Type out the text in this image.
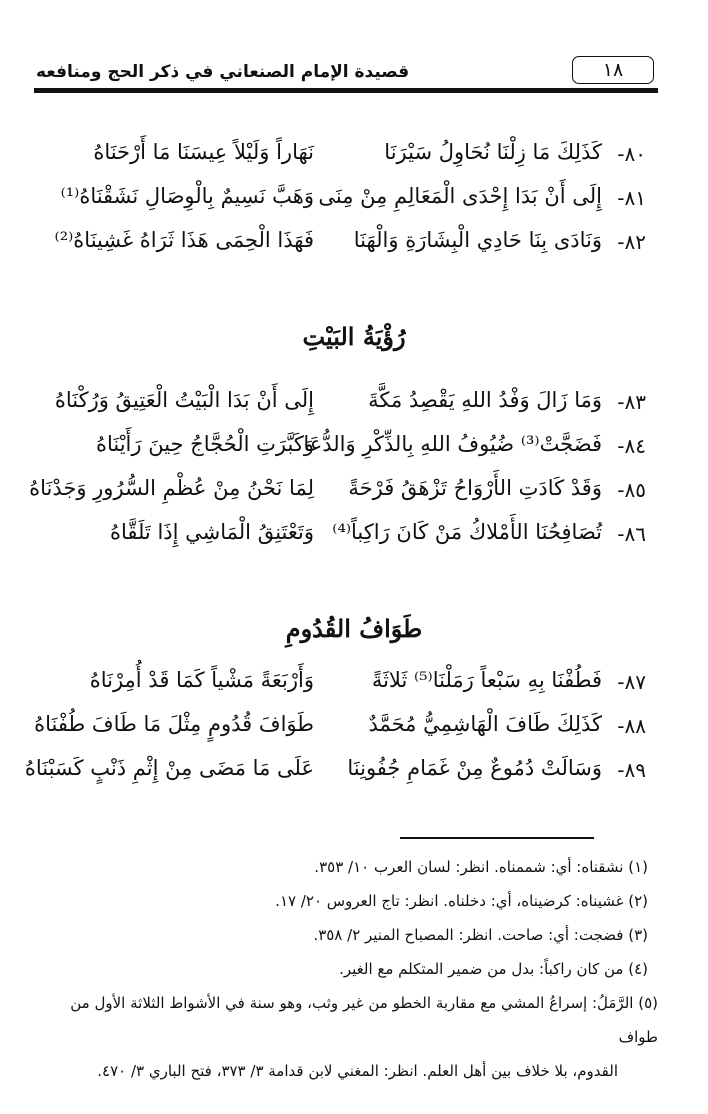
قصيدة الإمام الصنعاني في ذكر الحج ومنافعه	١٨
٨٠-
كَذَلِكَ مَا زِلْنَا نُحَاوِلُ سَيْرَنَا
نَهَاراً وَلَيْلاً عِيسَنَا مَا أَرْحَنَاهُ
٨١-
إِلَى أَنْ بَدَا إِحْدَى الْمَعَالِمِ مِنْ مِنَى
وَهَبَّ نَسِيمٌ بِالْوِصَالِ نَشَقْنَاهُ⁽¹⁾
٨٢-
وَنَادَى بِنَا حَادِي الْبِشَارَةِ وَالْهَنَا
فَهَذَا الْحِمَى هَذَا ثَرَاهُ غَشِينَاهُ⁽²⁾
رُؤْيَةُ البَيْتِ
٨٣-
وَمَا زَالَ وَفْدُ اللهِ يَقْصِدُ مَكَّةَ
إِلَى أَنْ بَدَا الْبَيْتُ الْعَتِيقُ وَرُكْنَاهُ
٨٤-
فَضَجَّتْ⁽³⁾ ضُيُوفُ اللهِ بِالذِّكْرِ وَالدُّعَا
وَكَبَّرَتِ الْحُجَّاجُ حِينَ رَأَيْنَاهُ
٨٥-
وَقَدْ كَادَتِ الأَرْوَاحُ تَزْهَقُ فَرْحَةً
لِمَا نَحْنُ مِنْ عُظْمِ السُّرُورِ وَجَدْنَاهُ
٨٦-
تُصَافِحُنَا الأَمْلاكُ مَنْ كَانَ رَاكِباً⁽⁴⁾
وَتَعْتَنِقُ الْمَاشِي إِذَا تَلَقَّاهُ
طَوَافُ القُدُومِ
٨٧-
فَطُفْنَا بِهِ سَبْعاً رَمَلْنَا⁽⁵⁾ ثَلاثَةً
وَأَرْبَعَةً مَشْياً كَمَا قَدْ أُمِرْنَاهُ
٨٨-
كَذَلِكَ طَافَ الْهَاشِمِيُّ مُحَمَّدٌ
طَوَافَ قُدُومٍ مِثْلَ مَا طَافَ طُفْنَاهُ
٨٩-
وَسَالَتْ دُمُوعٌ مِنْ غَمَامِ جُفُونِنَا
عَلَى مَا مَضَى مِنْ إِثْمِ ذَنْبٍ كَسَبْنَاهُ
(١) نشقناه: أي: شممناه. انظر: لسان العرب ١٠/ ٣٥٣.
(٢) غشيناه: كرضيناه، أي: دخلناه. انظر: تاج العروس ٢٠/ ١٧.
(٣) فضجت: أي: صاحت. انظر: المصباح المنير ٢/ ٣٥٨.
(٤) من كان راكباً: بدل من ضمير المتكلم مع الغير.
(٥) الرَّمَلُ: إسراعُ المشي مع مقاربة الخطو من غير وثب، وهو سنة في الأشواط الثلاثة الأول من طواف
القدوم، بلا خلاف بين أهل العلم. انظر: المغني لابن قدامة ٣/ ٣٧٣، فتح الباري ٣/ ٤٧٠.
